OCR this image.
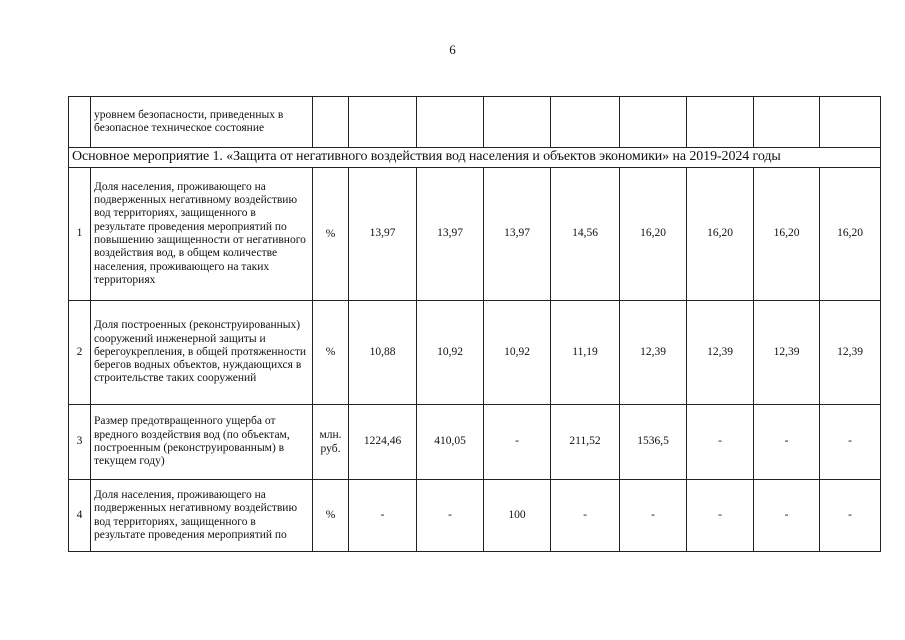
6
	уровнем безопасности, приведенных в безопасное техническое состояние									
Основное мероприятие 1. «Защита от негативного воздействия вод населения и объектов экономики» на 2019-2024 годы										
1	Доля населения, проживающего на подверженных негативному воздействию вод территориях, защищенного в результате проведения мероприятий по повышению защищенности от негативного воздействия вод, в общем количестве населения, проживающего на таких территориях	%	13,97	13,97	13,97	14,56	16,20	16,20	16,20	16,20
2	Доля построенных (реконструированных) сооружений инженерной защиты и берегоукрепления, в общей протяженности берегов водных объектов, нуждающихся в строительстве таких сооружений	%	10,88	10,92	10,92	11,19	12,39	12,39	12,39	12,39
3	Размер предотвращенного ущерба от вредного воздействия вод (по объектам, построенным (реконструированным) в текущем году)	млн. руб.	1224,46	410,05	-	211,52	1536,5	-	-	-
4	Доля населения, проживающего на подверженных негативному воздействию вод территориях, защищенного в результате проведения мероприятий по	%	-	-	100	-	-	-	-	-
